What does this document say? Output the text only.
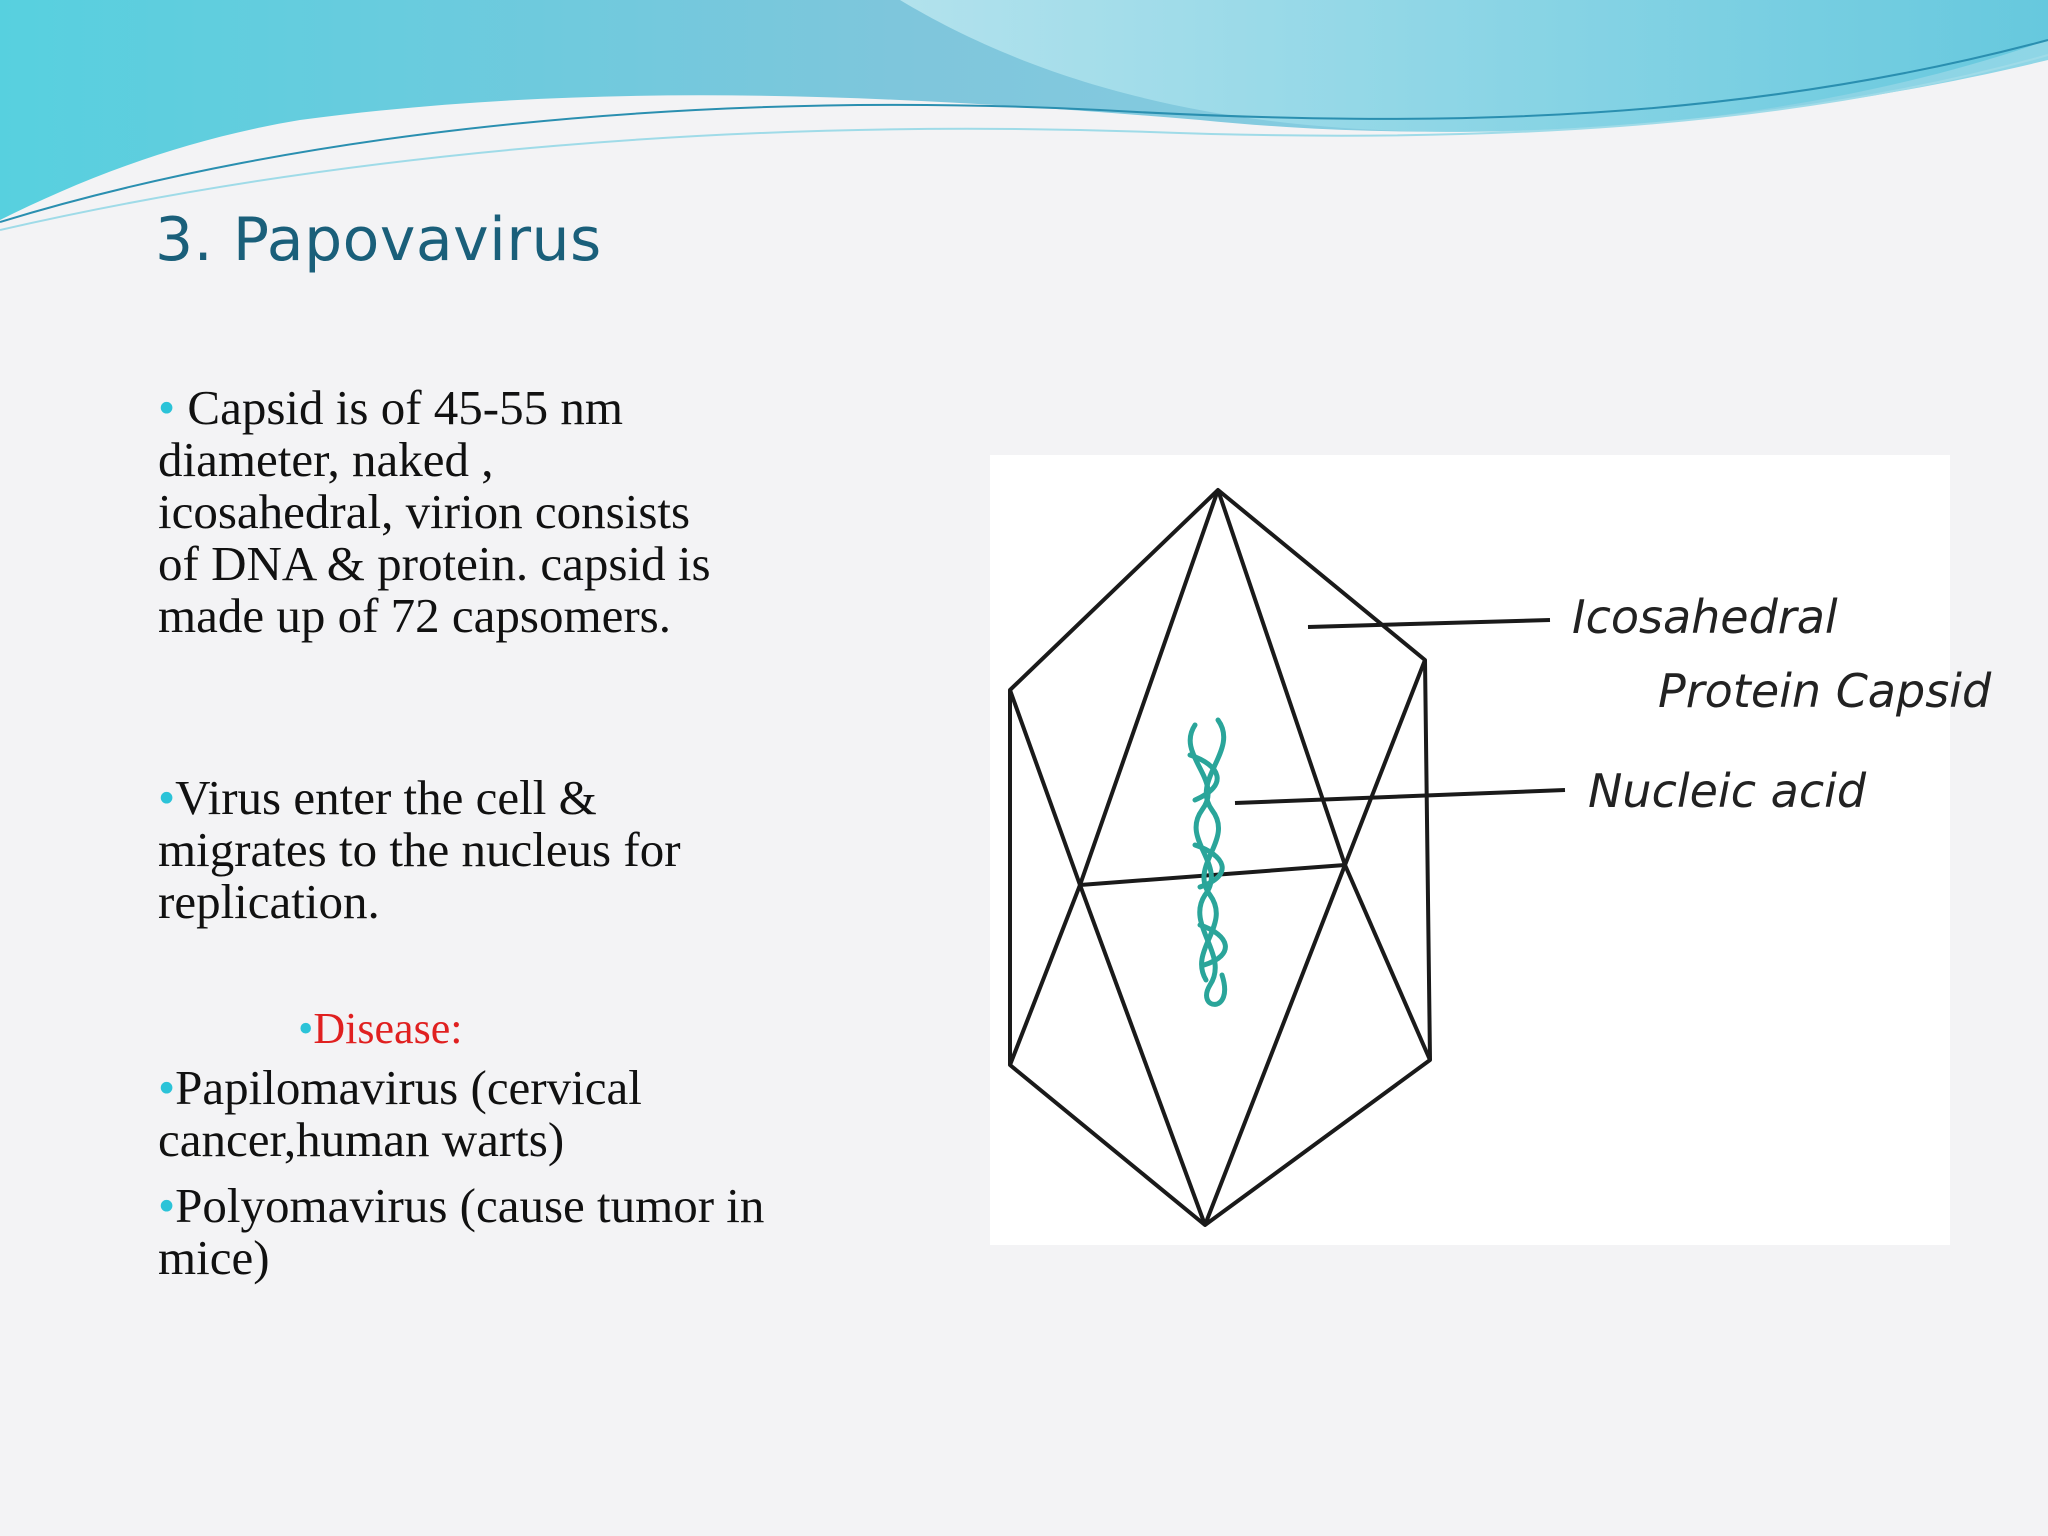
3. Papovavirus

• Capsid is of 45-55 nm diameter, naked , icosahedral, virion consists of DNA & protein. capsid is made up of 72 capsomers.

•Virus enter the cell & migrates to the nucleus for replication.

•Disease:

•Papilomavirus (cervical cancer,human warts)

•Polyomavirus (cause tumor in mice)

Icosahedral
Protein Capsid
Nucleic acid
